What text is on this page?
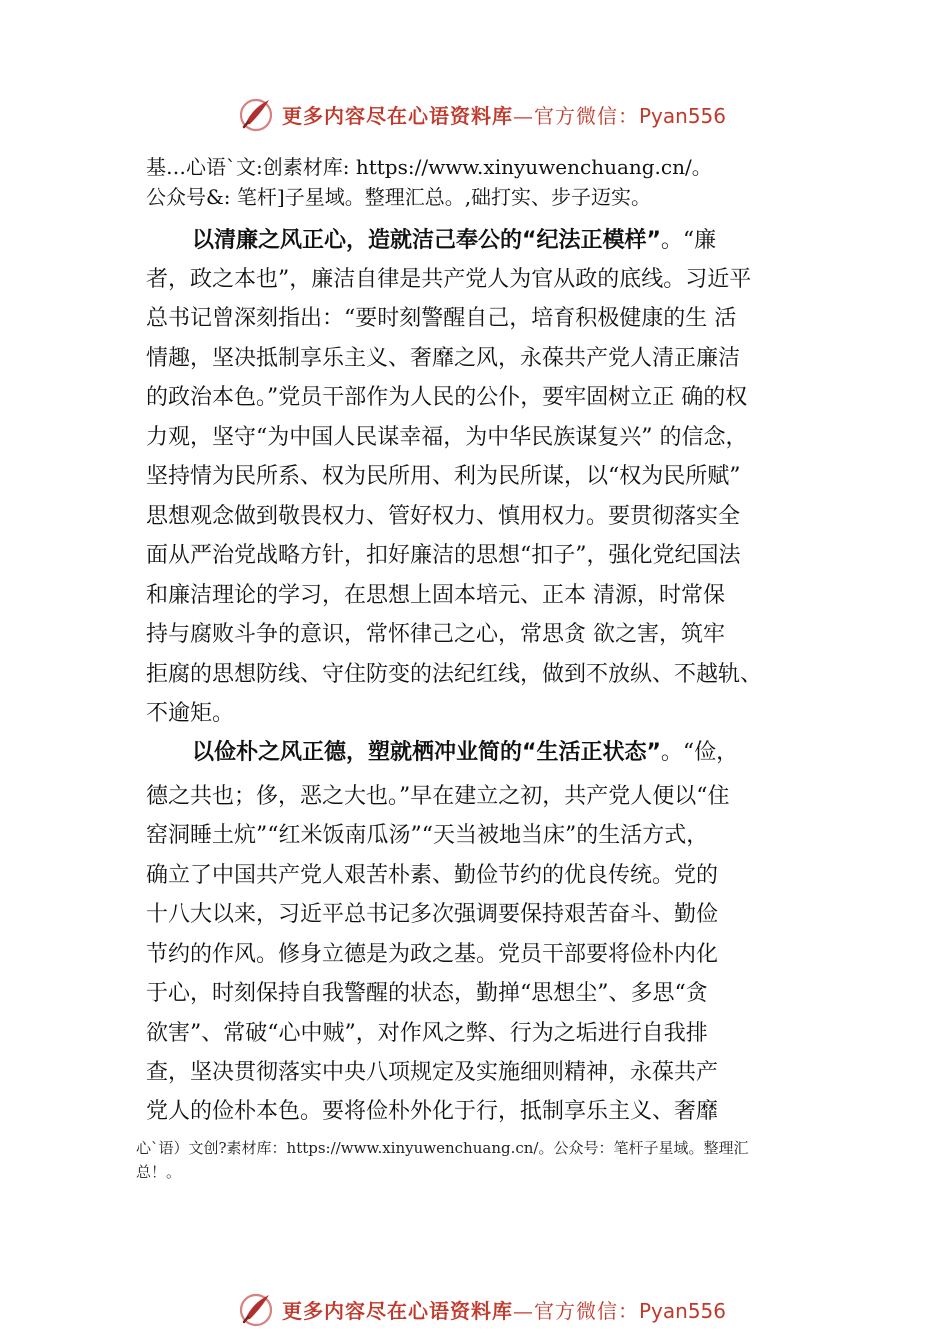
更多内容尽在心语资料库—官方微信：Pyan556
基…心语`文:创素材库: https://www.xinyuwenchuang.cn/。
公众号&: 笔杆]子星域。整理汇总。,础打实、步子迈实。
以清廉之风正心，造就洁己奉公的“纪法正模样”。“廉
者，政之本也”，廉洁自律是共产党人为官从政的底线。习近平
总书记曾深刻指出：“要时刻警醒自己，培育积极健康的生 活
情趣，坚决抵制享乐主义、奢靡之风，永葆共产党人清正廉洁
的政治本色。”党员干部作为人民的公仆，要牢固树立正 确的权
力观，坚守“为中国人民谋幸福，为中华民族谋复兴” 的信念，
坚持情为民所系、权为民所用、利为民所谋，以“权为民所赋”
思想观念做到敬畏权力、管好权力、慎用权力。要贯彻落实全
面从严治党战略方针，扣好廉洁的思想“扣子”，强化党纪国法
和廉洁理论的学习，在思想上固本培元、正本 清源，时常保
持与腐败斗争的意识，常怀律己之心，常思贪 欲之害，筑牢
拒腐的思想防线、守住防变的法纪红线，做到不放纵、不越轨、
不逾矩。
以俭朴之风正德，塑就栖冲业简的“生活正状态”。“俭，
德之共也；侈，恶之大也。”早在建立之初，共产党人便以“住
窑洞睡土炕”“红米饭南瓜汤”“天当被地当床”的生活方式，
确立了中国共产党人艰苦朴素、勤俭节约的优良传统。党的
十八大以来，习近平总书记多次强调要保持艰苦奋斗、勤俭
节约的作风。修身立德是为政之基。党员干部要将俭朴内化
于心，时刻保持自我警醒的状态，勤掸“思想尘”、多思“贪
欲害”、常破“心中贼”，对作风之弊、行为之垢进行自我排
查，坚决贯彻落实中央八项规定及实施细则精神，永葆共产
党人的俭朴本色。要将俭朴外化于行，抵制享乐主义、奢靡
心`语）文创?素材库：https://www.xinyuwenchuang.cn/。公众号：笔杆子星域。整理汇
总！。
更多内容尽在心语资料库—官方微信：Pyan556
